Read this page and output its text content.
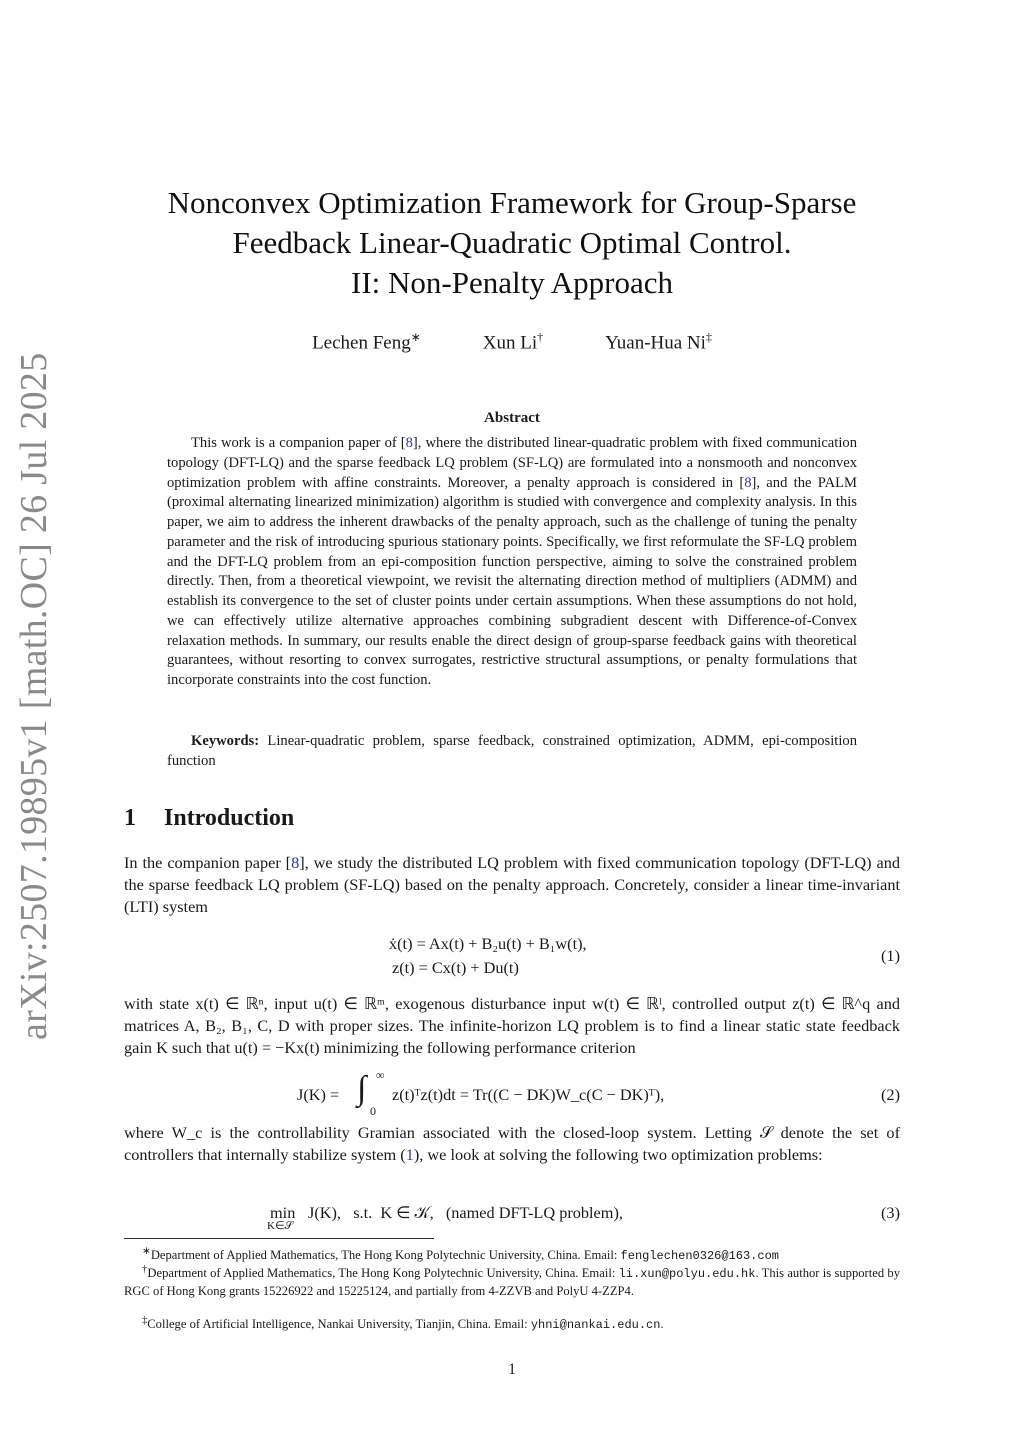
arXiv:2507.19895v1 [math.OC] 26 Jul 2025
Nonconvex Optimization Framework for Group-Sparse
Feedback Linear-Quadratic Optimal Control.
II: Non-Penalty Approach
Lechen Feng∗	Xun Li†	Yuan-Hua Ni‡
Abstract

This work is a companion paper of [8], where the distributed linear-quadratic problem with fixed communication topology (DFT-LQ) and the sparse feedback LQ problem (SF-LQ) are formulated into a nonsmooth and nonconvex optimization problem with affine constraints. Moreover, a penalty approach is considered in [8], and the PALM (proximal alternating linearized minimization) algorithm is studied with convergence and complexity analysis. In this paper, we aim to address the inherent drawbacks of the penalty approach, such as the challenge of tuning the penalty parameter and the risk of introducing spurious stationary points. Specifically, we first reformulate the SF-LQ problem and the DFT-LQ problem from an epi-composition function perspective, aiming to solve the constrained problem directly. Then, from a theoretical viewpoint, we revisit the alternating direction method of multipliers (ADMM) and establish its convergence to the set of cluster points under certain assumptions. When these assumptions do not hold, we can effectively utilize alternative approaches combining subgradient descent with Difference-of-Convex relaxation methods. In summary, our results enable the direct design of group-sparse feedback gains with theoretical guarantees, without resorting to convex surrogates, restrictive structural assumptions, or penalty formulations that incorporate constraints into the cost function.

Keywords: Linear-quadratic problem, sparse feedback, constrained optimization, ADMM, epi-composition function

1 Introduction

In the companion paper [8], we study the distributed LQ problem with fixed communication topology (DFT-LQ) and the sparse feedback LQ problem (SF-LQ) based on the penalty approach. Concretely, consider a linear time-invariant (LTI) system

ẋ(t) = Ax(t) + B₂u(t) + B₁w(t),
z(t) = Cx(t) + Du(t)
(1)

with state x(t) ∈ ℝⁿ, input u(t) ∈ ℝᵐ, exogenous disturbance input w(t) ∈ ℝˡ, controlled output z(t) ∈ ℝ^q and matrices A, B₂, B₁, C, D with proper sizes. The infinite-horizon LQ problem is to find a linear static state feedback gain K such that u(t) = −Kx(t) minimizing the following performance criterion

J(K) = ∫ ∞
0
z(t)ᵀz(t)dt = Tr((C − DK)W_c(C − DK)ᵀ),	(2)

where W_c is the controllability Gramian associated with the closed-loop system. Letting 𝒮 denote the set of controllers that internally stabilize system (1), we look at solving the following two optimization problems:

min
K∈𝒮
J(K),   s.t.  K ∈ 𝒦,   (named DFT-LQ problem),	(3)

∗Department of Applied Mathematics, The Hong Kong Polytechnic University, China. Email: fenglechen0326@163.com

†Department of Applied Mathematics, The Hong Kong Polytechnic University, China. Email: li.xun@polyu.edu.hk. This author is supported by RGC of Hong Kong grants 15226922 and 15225124, and partially from 4-ZZVB and PolyU 4-ZZP4.

‡College of Artificial Intelligence, Nankai University, Tianjin, China. Email: yhni@nankai.edu.cn.

1
